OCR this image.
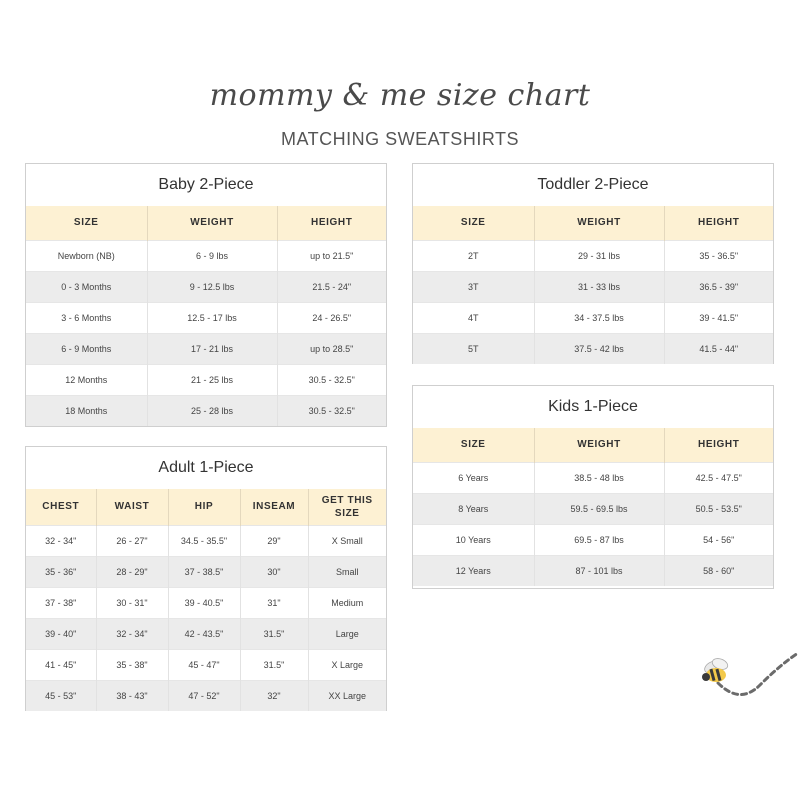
mommy & me size chart
MATCHING SWEATSHIRTS
Baby 2-Piece
SIZE	WEIGHT	HEIGHT
Newborn (NB)	6 - 9 lbs	up to 21.5"
0 - 3 Months	9 - 12.5 lbs	21.5 - 24"
3 - 6 Months	12.5 - 17 lbs	24 - 26.5"
6 - 9 Months	17 - 21 lbs	up to 28.5"
12 Months	21 - 25 lbs	30.5 - 32.5"
18 Months	25 - 28 lbs	30.5 - 32.5"
Toddler 2-Piece
SIZE	WEIGHT	HEIGHT
2T	29 - 31 lbs	35 - 36.5"
3T	31 - 33 lbs	36.5 - 39"
4T	34 - 37.5 lbs	39 - 41.5"
5T	37.5 - 42 lbs	41.5 - 44"
Kids 1-Piece
SIZE	WEIGHT	HEIGHT
6 Years	38.5 - 48 lbs	42.5 - 47.5"
8 Years	59.5 - 69.5 lbs	50.5 - 53.5"
10 Years	69.5 - 87 lbs	54 - 56"
12 Years	87 - 101 lbs	58 - 60"
Adult 1-Piece
CHEST	WAIST	HIP	INSEAM	GET THIS SIZE
32 - 34"	26 - 27"	34.5 - 35.5"	29"	X Small
35 - 36"	28 - 29"	37 - 38.5"	30"	Small
37 - 38"	30 - 31"	39 - 40.5"	31"	Medium
39 - 40"	32 - 34"	42 - 43.5"	31.5"	Large
41 - 45"	35 - 38"	45 - 47"	31.5"	X Large
45 - 53"	38 - 43"	47 - 52"	32"	XX Large
